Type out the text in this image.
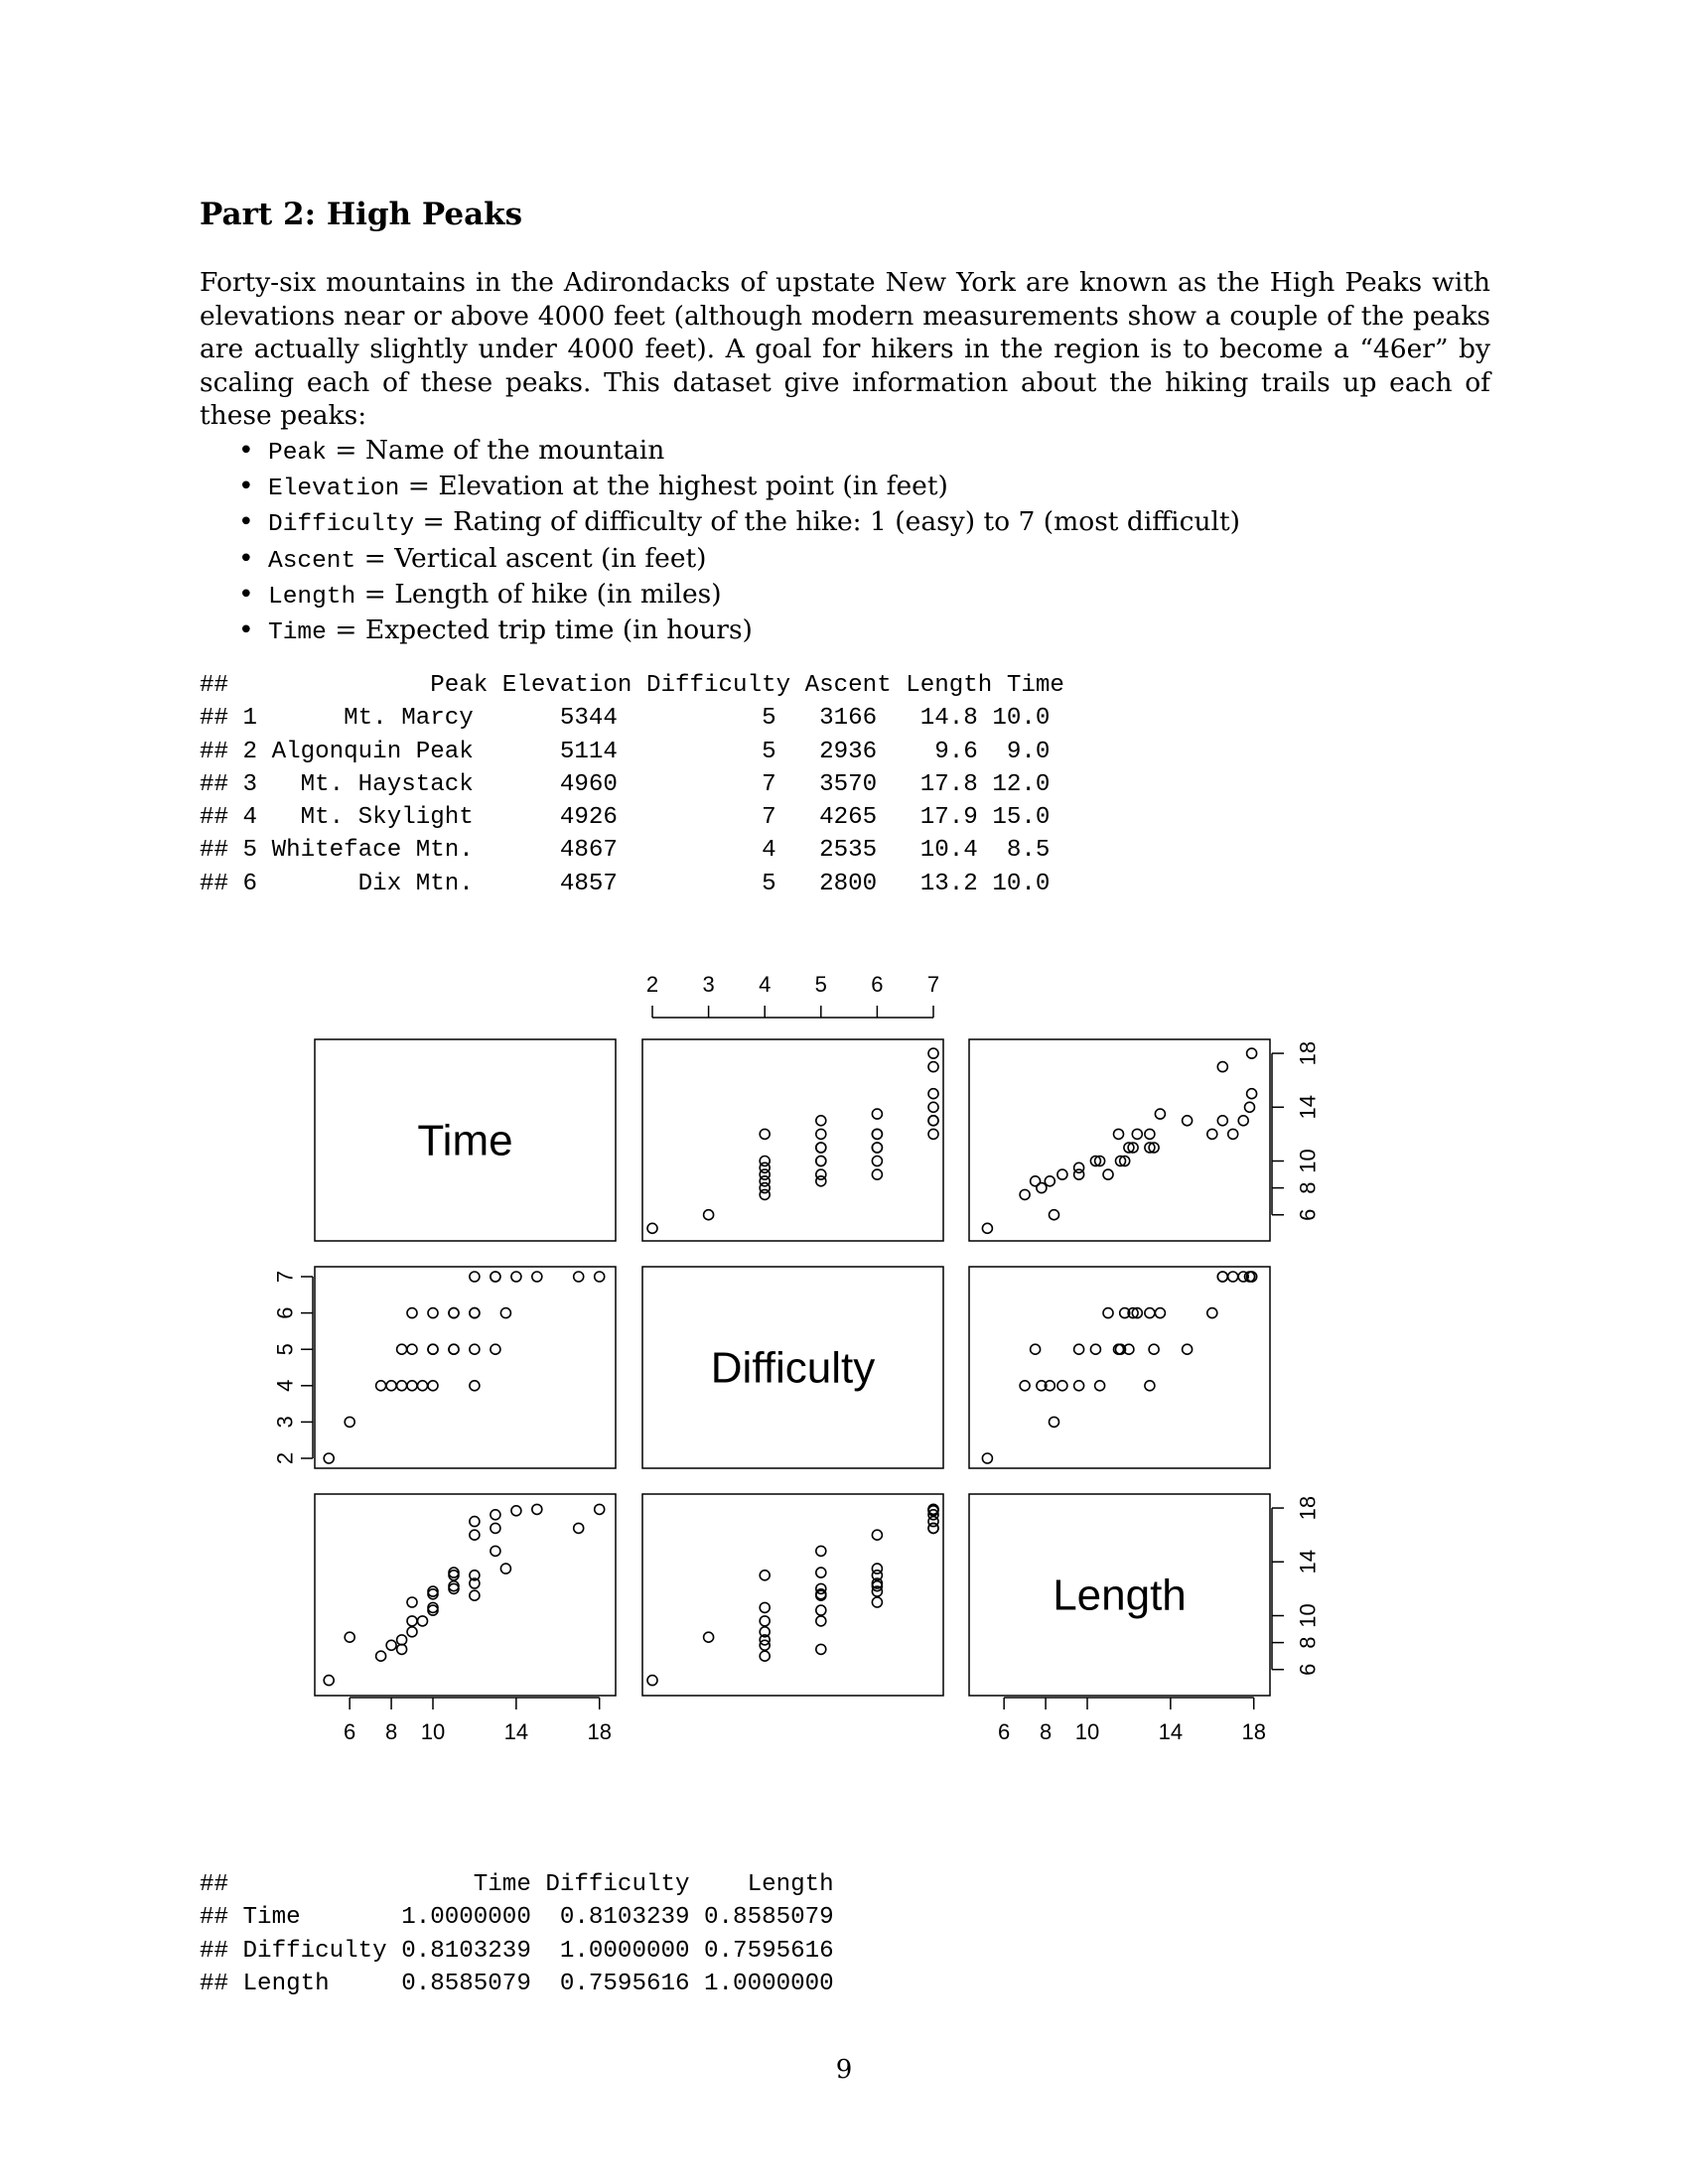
Part 2: High Peaks

Forty-six mountains in the Adirondacks of upstate New York are known as the High Peaks with elevations near or above 4000 feet (although modern measurements show a couple of the peaks are actually slightly under 4000 feet). A goal for hikers in the region is to become a “46er” by scaling each of these peaks. This dataset give information about the hiking trails up each of these peaks:

• Peak = Name of the mountain
• Elevation = Elevation at the highest point (in feet)
• Difficulty = Rating of difficulty of the hike: 1 (easy) to 7 (most difficult)
• Ascent = Vertical ascent (in feet)
• Length = Length of hike (in miles)
• Time = Expected trip time (in hours)
##              Peak Elevation Difficulty Ascent Length Time
## 1      Mt. Marcy      5344          5   3166   14.8 10.0
## 2 Algonquin Peak      5114          5   2936    9.6  9.0
## 3   Mt. Haystack      4960          7   3570   17.8 12.0
## 4   Mt. Skylight      4926          7   4265   17.9 15.0
## 5 Whiteface Mtn.      4867          4   2535   10.4  8.5
## 6       Dix Mtn.      4857          5   2800   13.2 10.0
Time
Difficulty
Length
2 3 4 5 6 7
6 8 10	14	18	6 8 10	14	18
2
3
4
5
6
7
6
8
10
14
18
6
8
10
14
18
##                 Time Difficulty    Length
## Time       1.0000000  0.8103239 0.8585079
## Difficulty 0.8103239  1.0000000 0.7595616
## Length     0.8585079  0.7595616 1.0000000

9
